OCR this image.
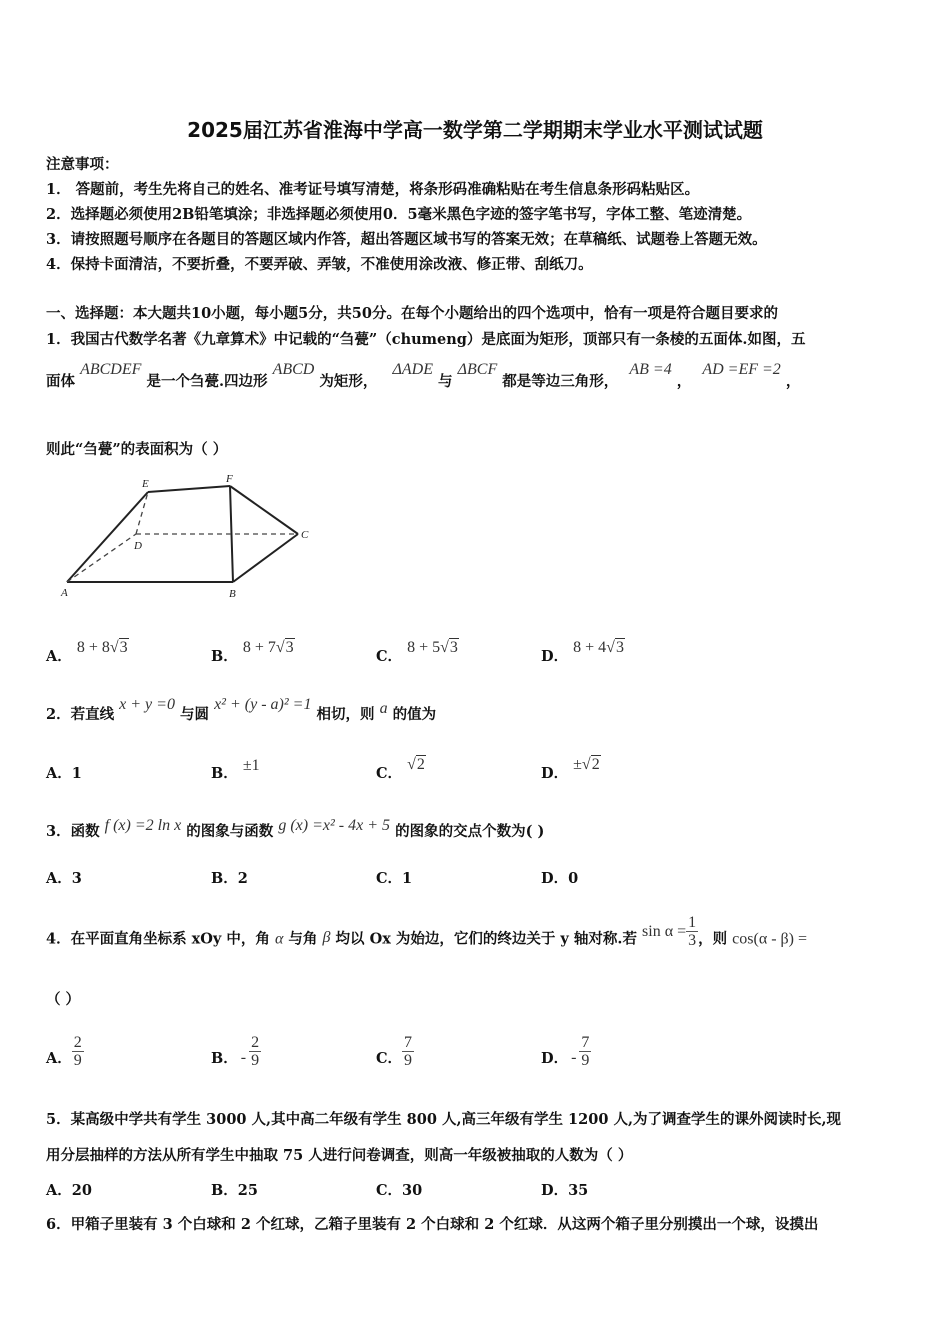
2025届江苏省淮海中学高一数学第二学期期末学业水平测试试题
注意事项：
1． 答题前，考生先将自己的姓名、准考证号填写清楚，将条形码准确粘贴在考生信息条形码粘贴区。
2．选择题必须使用2B铅笔填涂；非选择题必须使用0．5毫米黑色字迹的签字笔书写，字体工整、笔迹清楚。
3．请按照题号顺序在各题目的答题区域内作答，超出答题区域书写的答案无效；在草稿纸、试题卷上答题无效。
4．保持卡面清洁，不要折叠，不要弄破、弄皱，不准使用涂改液、修正带、刮纸刀。
一、选择题：本大题共10小题，每小题5分，共50分。在每个小题给出的四个选项中，恰有一项是符合题目要求的
1．我国古代数学名著《九章算术》中记载的“刍甍”（chumeng）是底面为矩形，顶部只有一条棱的五面体.如图，五
面体 ABCDEF 是一个刍甍.四边形 ABCD 为矩形， ΔADE 与 ΔBCF 都是等边三角形， AB =4 ， AD =EF =2 ，
则此“刍甍”的表面积为（ ）
E	F
D
C
A	B
A． 8 + 8√3
B． 8 + 7√3
C． 8 + 5√3
D． 8 + 4√3
2．若直线 x + y =0 与圆 x² + (y - a)² =1 相切，则 a 的值为
A．1	B． ±1	C． √2
D． ±√2
3．函数 f (x) =2 ln x 的图象与函数 g (x) =x² - 4x + 5 的图象的交点个数为( )
A．3	B．2	C．1	D．0
4．在平面直角坐标系 xOy 中，角 α 与角 β 均以 Ox 为始边，它们的终边关于 y 轴对称.若 $\sin \alpha = \frac{1}{3}$ ，则 cos(α - β) =
（ ）
A． $\frac{2}{9}$	B． - $\frac{2}{9}$	C． $\frac{7}{9}$	D． - $\frac{7}{9}$
5．某高级中学共有学生 3000 人,其中高二年级有学生 800 人,高三年级有学生 1200 人,为了调查学生的课外阅读时长,现
用分层抽样的方法从所有学生中抽取 75 人进行问卷调查，则高一年级被抽取的人数为（ ）
A．20	B．25	C．30	D．35
6．甲箱子里装有 3 个白球和 2 个红球，乙箱子里装有 2 个白球和 2 个红球．从这两个箱子里分别摸出一个球，设摸出
